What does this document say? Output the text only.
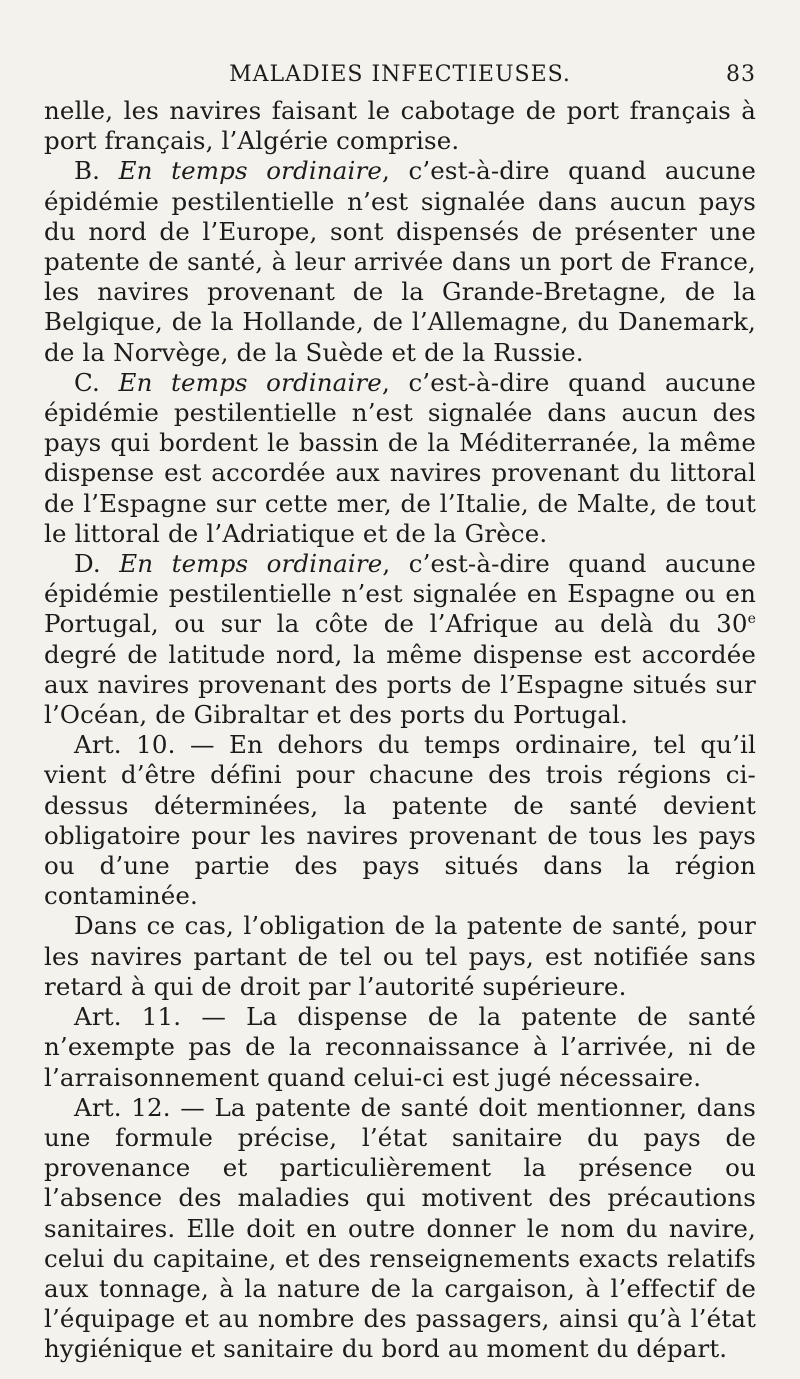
MALADIES INFECTIEUSES.	83

nelle, les navires faisant le cabotage de port français à port français, l’Algérie comprise.

B. En temps ordinaire, c’est-à-dire quand aucune épidémie pestilentielle n’est signalée dans aucun pays du nord de l’Europe, sont dispensés de présenter une patente de santé, à leur arrivée dans un port de France, les navires provenant de la Grande-Bretagne, de la Belgique, de la Hollande, de l’Allemagne, du Danemark, de la Norvège, de la Suède et de la Russie.

C. En temps ordinaire, c’est-à-dire quand aucune épidémie pestilentielle n’est signalée dans aucun des pays qui bordent le bassin de la Méditerranée, la même dispense est accordée aux navires provenant du littoral de l’Espagne sur cette mer, de l’Italie, de Malte, de tout le littoral de l’Adriatique et de la Grèce.

D. En temps ordinaire, c’est-à-dire quand aucune épidémie pestilentielle n’est signalée en Espagne ou en Portugal, ou sur la côte de l’Afrique au delà du 30e degré de latitude nord, la même dispense est accordée aux navires provenant des ports de l’Espagne situés sur l’Océan, de Gibraltar et des ports du Portugal.

Art. 10. — En dehors du temps ordinaire, tel qu’il vient d’être défini pour chacune des trois régions ci-dessus déterminées, la patente de santé devient obligatoire pour les navires provenant de tous les pays ou d’une partie des pays situés dans la région contaminée.

Dans ce cas, l’obligation de la patente de santé, pour les navires partant de tel ou tel pays, est notifiée sans retard à qui de droit par l’autorité supérieure.

Art. 11. — La dispense de la patente de santé n’exempte pas de la reconnaissance à l’arrivée, ni de l’arraisonnement quand celui-ci est jugé nécessaire.

Art. 12. — La patente de santé doit mentionner, dans une formule précise, l’état sanitaire du pays de provenance et particulièrement la présence ou l’absence des maladies qui motivent des précautions sanitaires. Elle doit en outre donner le nom du navire, celui du capitaine, et des renseignements exacts relatifs aux tonnage, à la nature de la cargaison, à l’effectif de l’équipage et au nombre des passagers, ainsi qu’à l’état hygiénique et sanitaire du bord au moment du départ.
